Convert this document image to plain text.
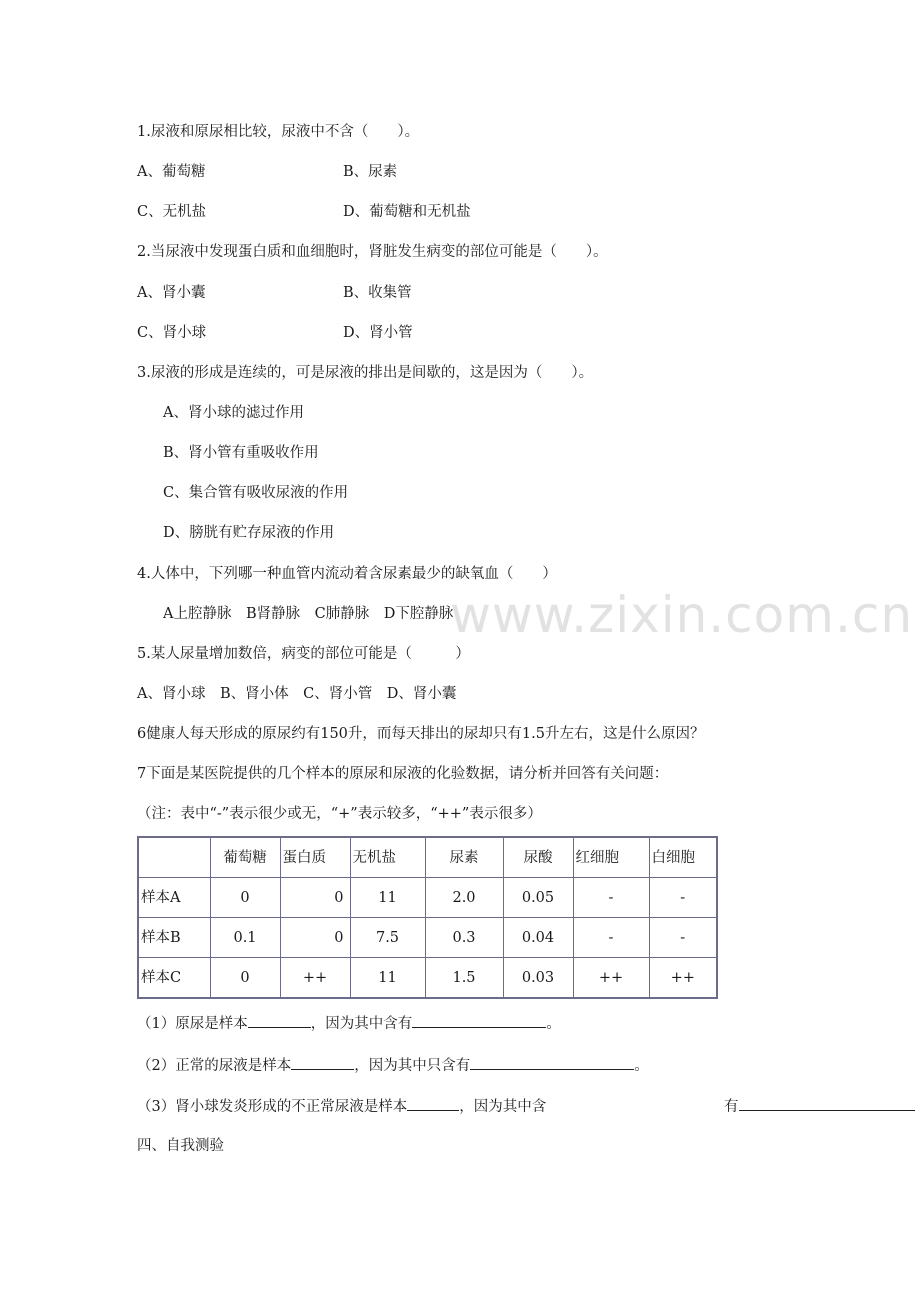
www.zixin.com.cn
1.尿液和原尿相比较，尿液中不含（　　）。
A、葡萄糖	B、尿素
C、无机盐	D、葡萄糖和无机盐
2.当尿液中发现蛋白质和血细胞时，肾脏发生病变的部位可能是（　　）。
A、肾小囊	B、收集管
C、肾小球	D、肾小管
3.尿液的形成是连续的，可是尿液的排出是间歇的，这是因为（　　）。
A、肾小球的滤过作用
B、肾小管有重吸收作用
C、集合管有吸收尿液的作用
D、膀胱有贮存尿液的作用
4.人体中，下列哪一种血管内流动着含尿素最少的缺氧血（　　）
A上腔静脉　B肾静脉　C肺静脉　D下腔静脉
5.某人尿量增加数倍，病变的部位可能是（　　　）
A、肾小球　B、肾小体　C、肾小管　D、肾小囊
6健康人每天形成的原尿约有150升，而每天排出的尿却只有1.5升左右，这是什么原因？
7下面是某医院提供的几个样本的原尿和尿液的化验数据，请分析并回答有关问题：
（注：表中“-”表示很少或无，“+”表示较多，“++”表示很多）
	葡萄糖	蛋白质	无机盐	尿素	尿酸	红细胞	白细胞
样本A	0	0	11	2.0	0.05	-	-
样本B	0.1	0	7.5	0.3	0.04	-	-
样本C	0	++	11	1.5	0.03	++	++
（1）原尿是样本	，因为其中含有	。
（2）正常的尿液是样本	，因为其中只含有	。
（3）肾小球发炎形成的不正常尿液是样本	，因为其中含	有
四、自我测验
